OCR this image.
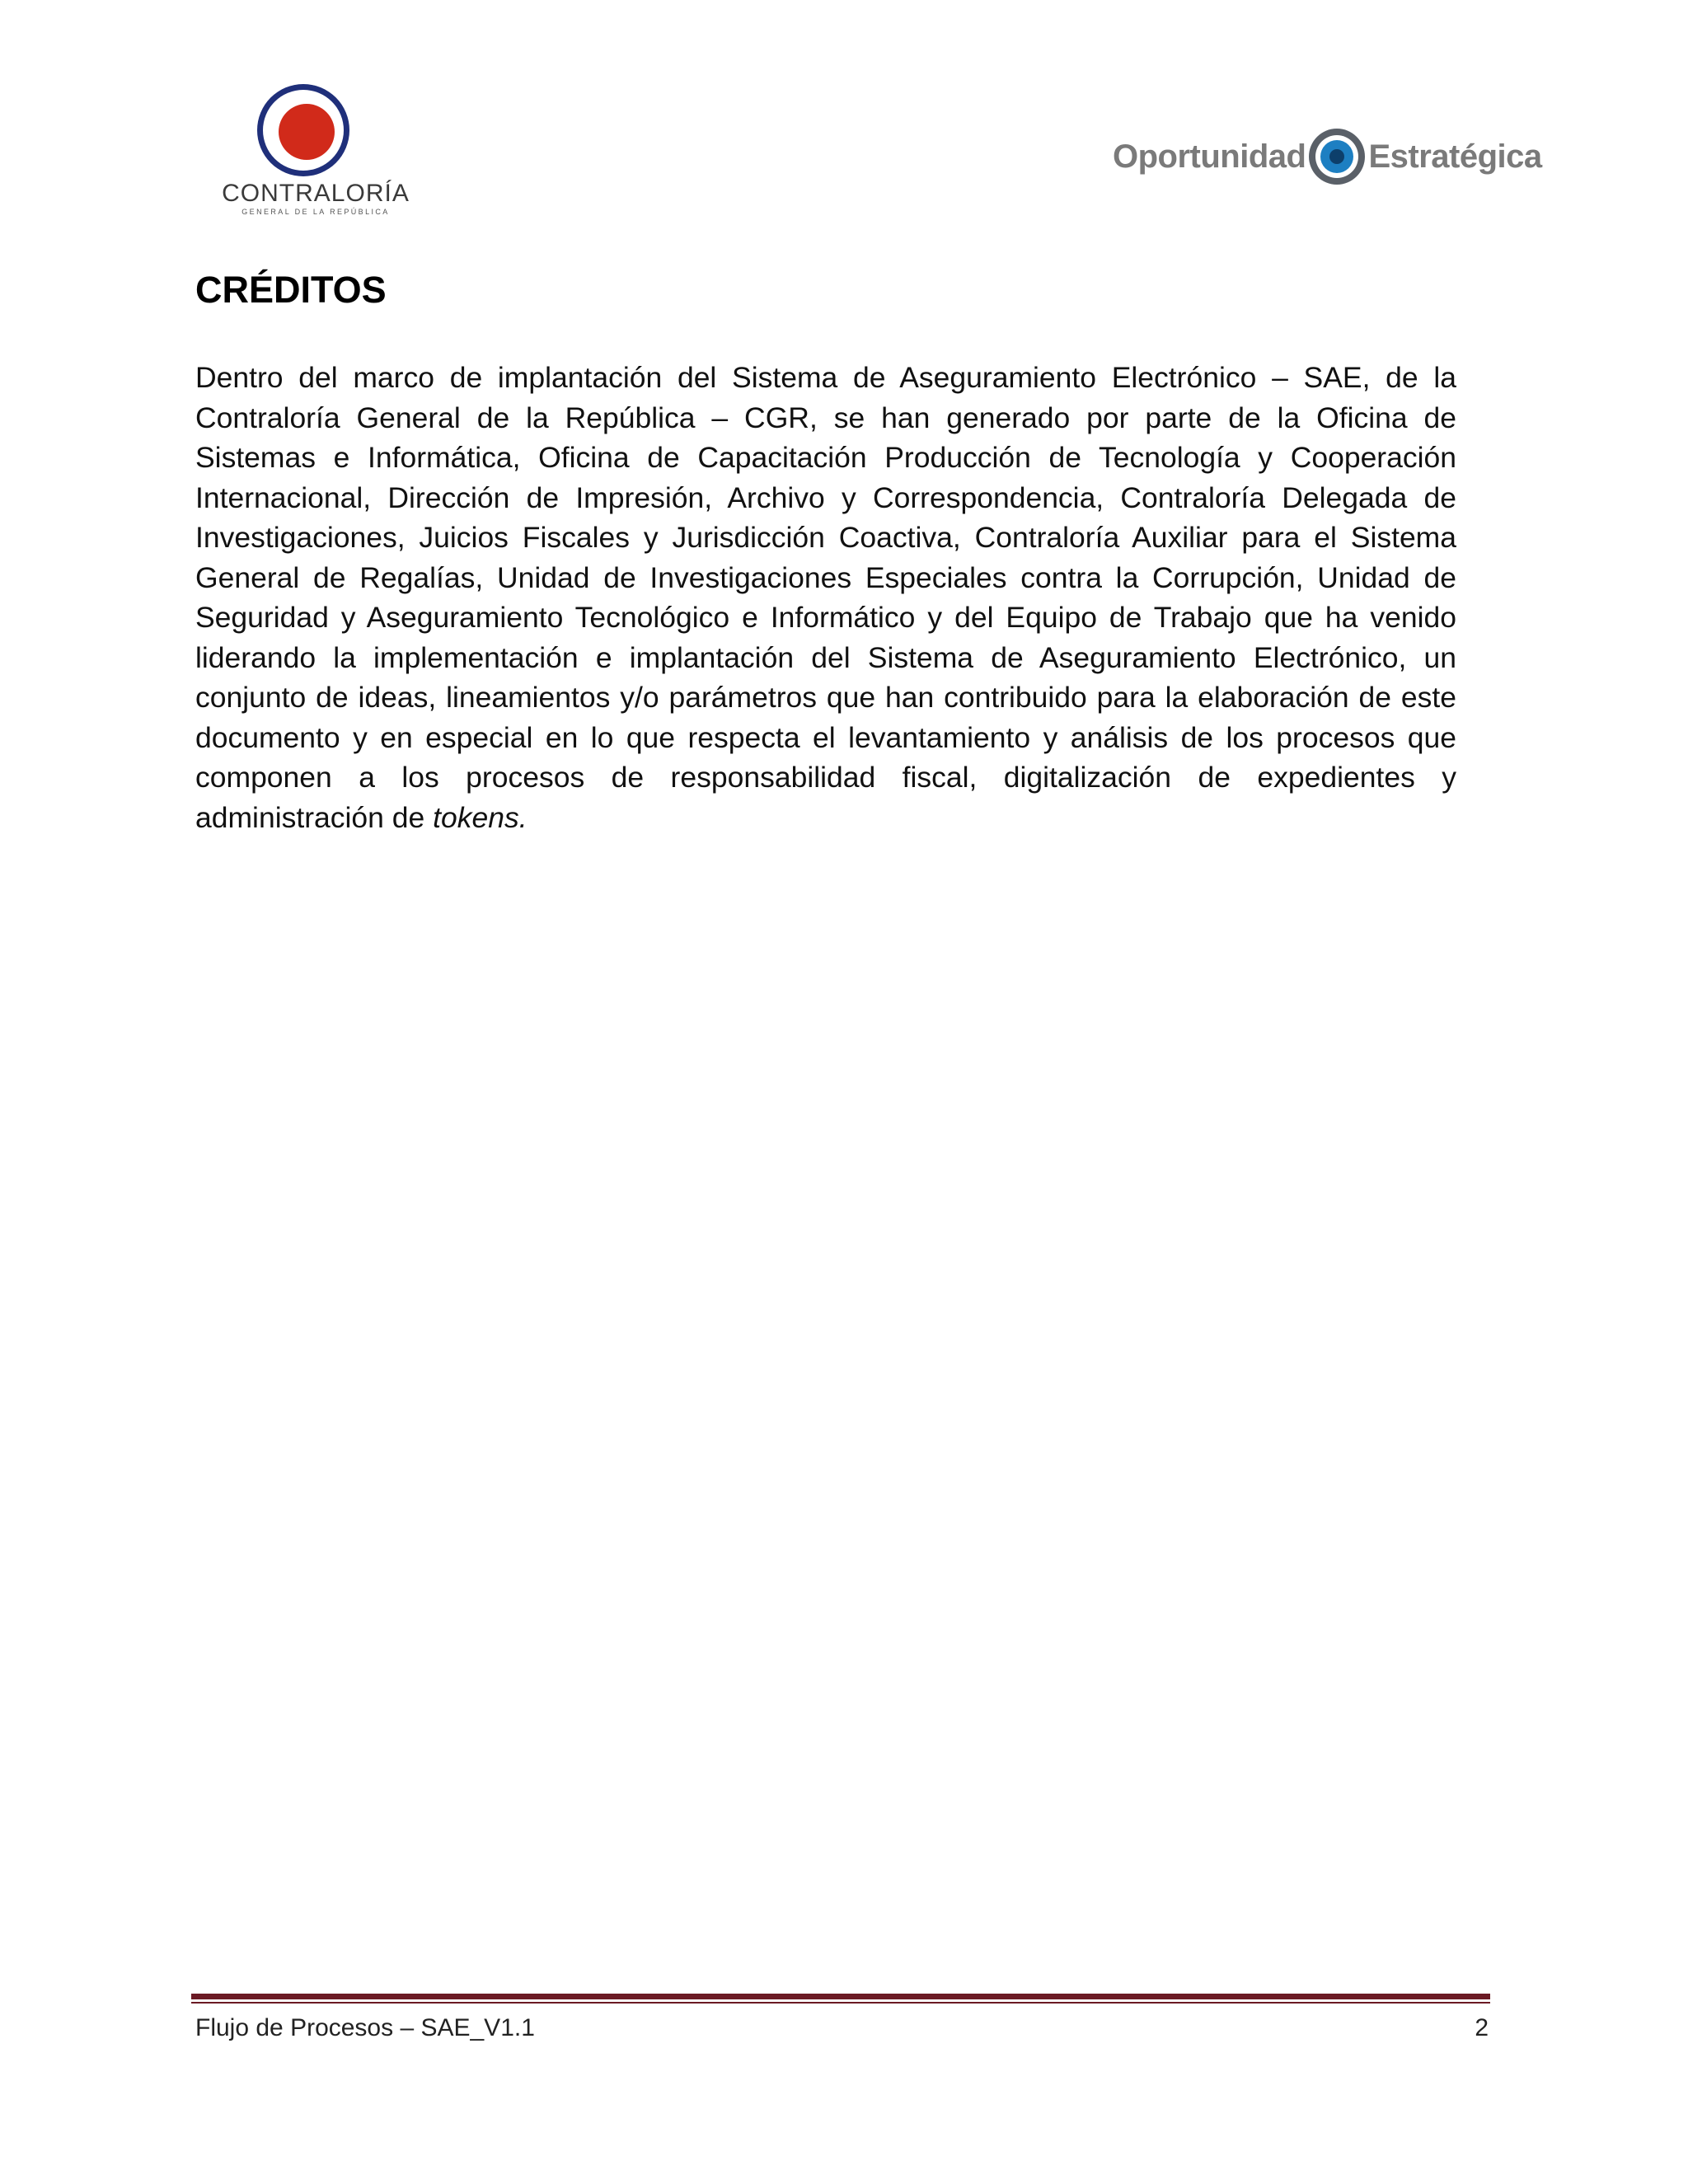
CONTRALORÍA
GENERAL DE LA REPÚBLICA
Oportunidad Estratégica
CRÉDITOS

Dentro del marco de implantación del Sistema de Aseguramiento Electrónico – SAE, de la Contraloría General de la República – CGR, se han generado por parte de la Oficina de Sistemas e Informática, Oficina de Capacitación Producción de Tecnología y Cooperación Internacional, Dirección de Impresión, Archivo y Correspondencia, Contraloría Delegada de Investigaciones, Juicios Fiscales y Jurisdicción Coactiva, Contraloría Auxiliar para el Sistema General de Regalías, Unidad de Investigaciones Especiales contra la Corrupción, Unidad de Seguridad y Aseguramiento Tecnológico e Informático y del Equipo de Trabajo que ha venido liderando la implementación e implantación del Sistema de Aseguramiento Electrónico, un conjunto de ideas, lineamientos y/o parámetros que han contribuido para la elaboración de este documento y en especial en lo que respecta el levantamiento y análisis de los procesos que componen a los procesos de responsabilidad fiscal, digitalización de expedientes y administración de tokens.

Flujo de Procesos – SAE_V1.1	2
